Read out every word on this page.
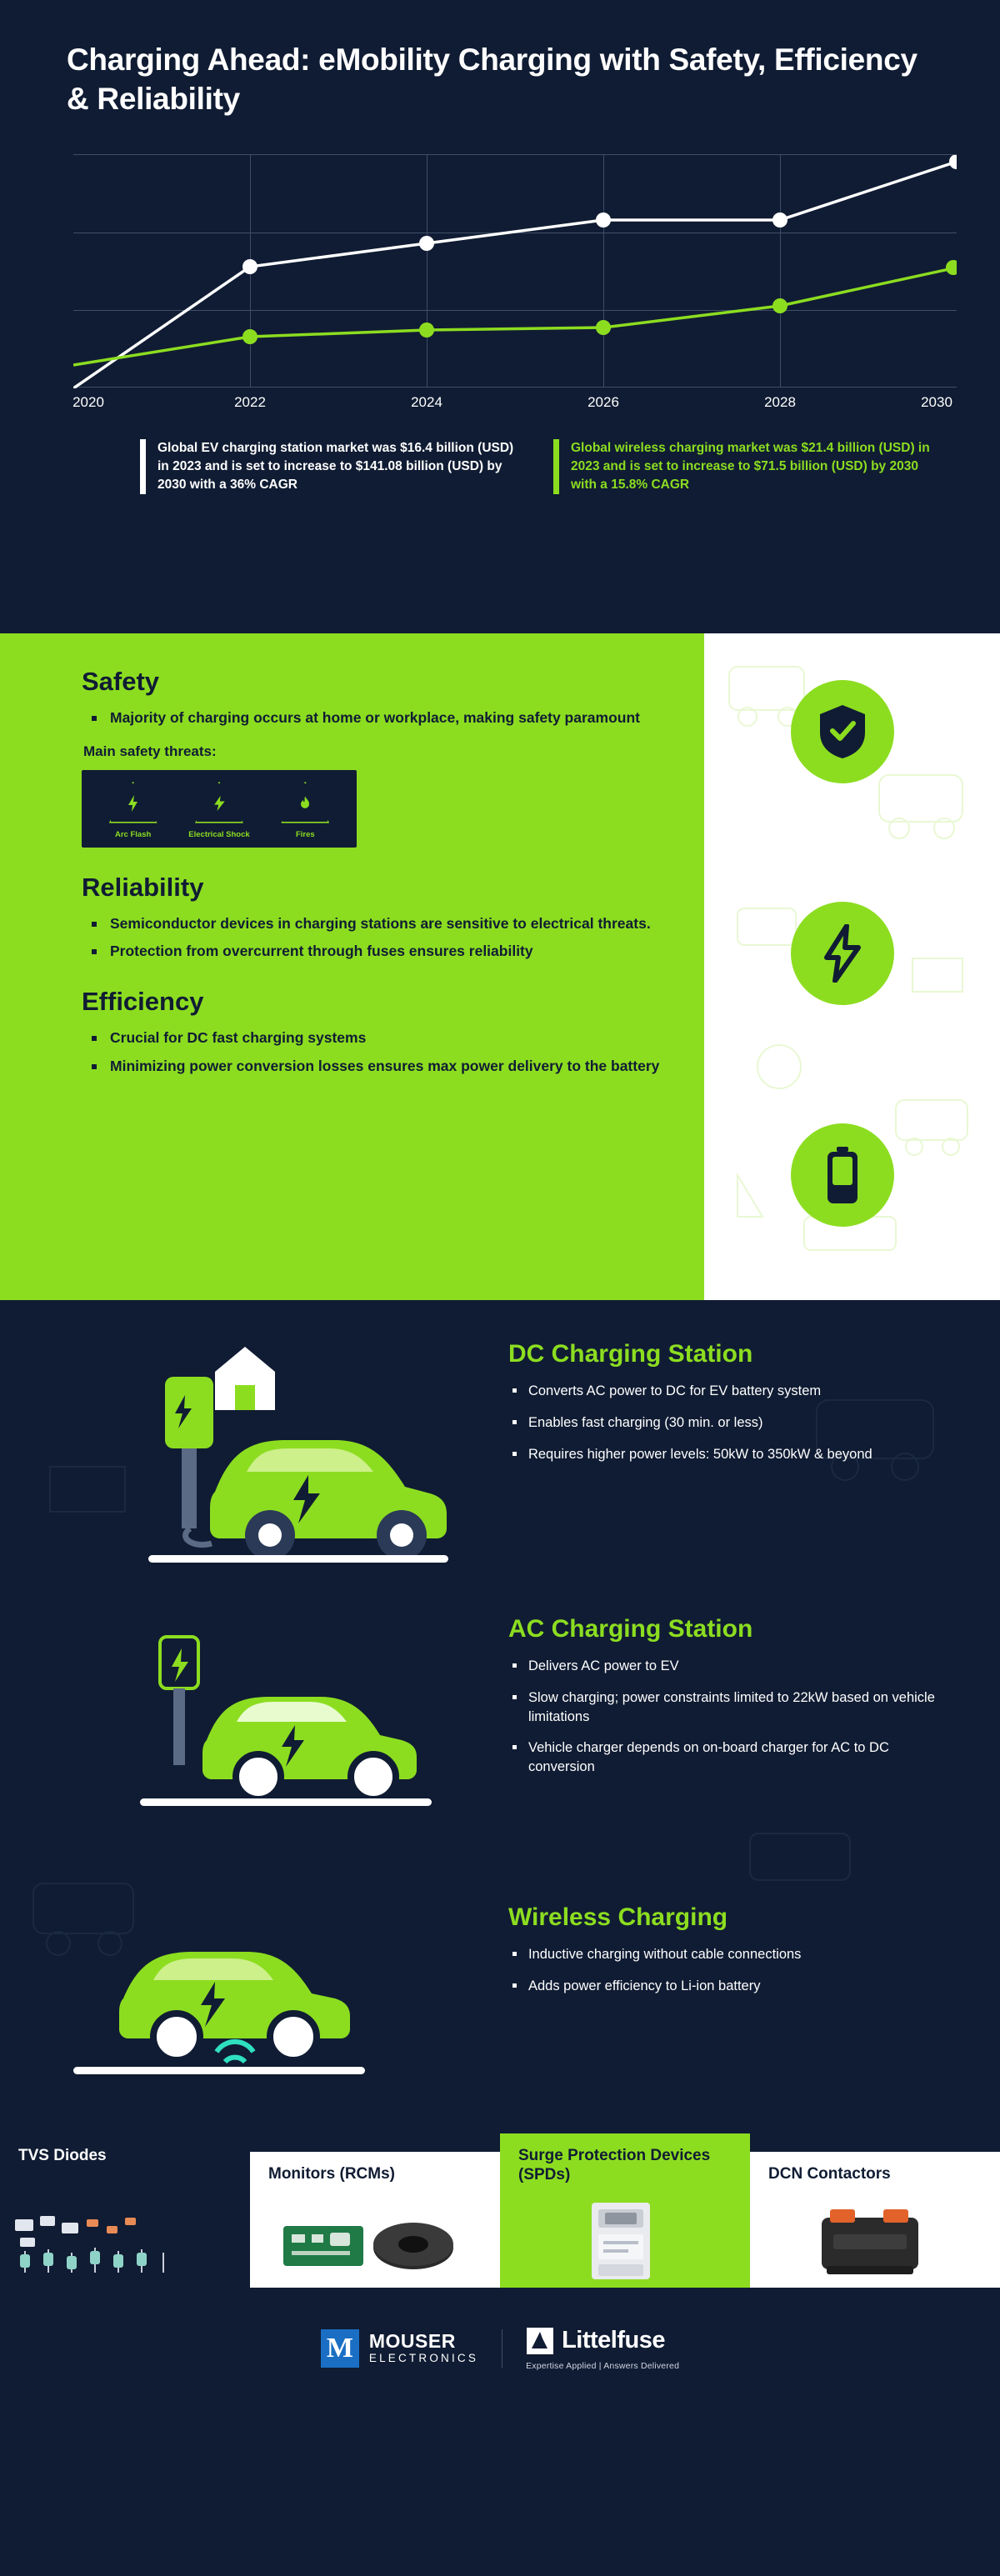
Charging Ahead: eMobility Charging with Safety, Efficiency & Reliability
2020	2022	2024	2026	2028	2030
Global EV charging station market was $16.4 billion (USD) in 2023 and is set to increase to $141.08 billion (USD) by 2030 with a 36% CAGR
Global wireless charging market was $21.4 billion (USD) in 2023 and is set to increase to $71.5 billion (USD) by 2030 with a 15.8% CAGR
Safety
Majority of charging occurs at home or workplace, making safety paramount
Main safety threats:
Arc Flash	Electrical Shock	Fires
Reliability
Semiconductor devices in charging stations are sensitive to electrical threats.
Protection from overcurrent through fuses ensures reliability
Efficiency
Crucial for DC fast charging systems
Minimizing power conversion losses ensures max power delivery to the battery
DC Charging Station
Converts AC power to DC for EV battery system
Enables fast charging (30 min. or less)
Requires higher power levels: 50kW to 350kW & beyond
AC Charging Station
Delivers AC power to EV
Slow charging; power constraints limited to 22kW based on vehicle limitations
Vehicle charger depends on on-board charger for AC to DC conversion
Wireless Charging
Inductive charging without cable connections
Adds power efficiency to Li-ion battery
TVS Diodes
Monitors (RCMs)
Surge Protection Devices (SPDs)	DCN Contactors
M MOUSER
ELECTRONICS
Littelfuse
Expertise Applied | Answers Delivered
